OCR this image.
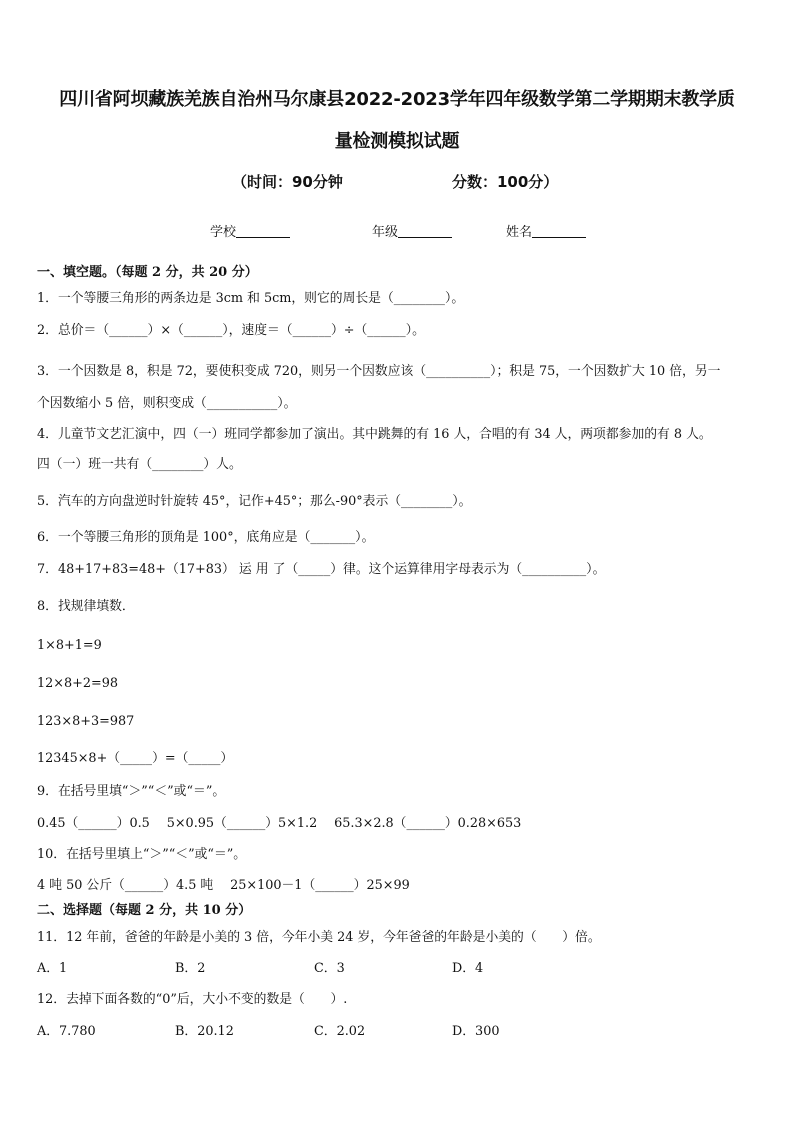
四川省阿坝藏族羌族自治州马尔康县2022-2023学年四年级数学第二学期期末教学质
量检测模拟试题
（时间：90分钟	分数：100分）
学校	年级	姓名
一、填空题。（每题 2 分，共 20 分）
1．一个等腰三角形的两条边是 3cm 和 5cm，则它的周长是（________）。
2．总价＝（______）×（______），速度＝（______）÷（______）。
3．一个因数是 8，积是 72，要使积变成 720，则另一个因数应该（__________）；积是 75，一个因数扩大 10 倍，另一
个因数缩小 5 倍，则积变成（___________）。
4．儿童节文艺汇演中，四（一）班同学都参加了演出。其中跳舞的有 16 人，合唱的有 34 人，两项都参加的有 8 人。
四（一）班一共有（________）人。
5．汽车的方向盘逆时针旋转 45°，记作+45°；那么-90°表示（________）。
6．一个等腰三角形的顶角是 100°，底角应是（_______）。
7．48+17+83=48+（17+83） 运 用 了（_____）律。这个运算律用字母表示为（__________）。
8．找规律填数．
1×8+1=9
12×8+2=98
123×8+3=987
12345×8+（_____）=（_____）
9．在括号里填“＞”“＜”或“＝”。
0.45（______）0.5　 5×0.95（______）5×1.2　 65.3×2.8（______）0.28×653
10．在括号里填上“＞”“＜”或“＝”。
4 吨 50 公斤（______）4.5 吨　 25×100－1（______）25×99
二、选择题（每题 2 分，共 10 分）
11．12 年前，爸爸的年龄是小美的 3 倍，今年小美 24 岁，今年爸爸的年龄是小美的（　　）倍。
A．1	B．2	C．3	D．4
12．去掉下面各数的“0”后，大小不变的数是（　　）.
A．7.780	B．20.12	C．2.02	D．300
